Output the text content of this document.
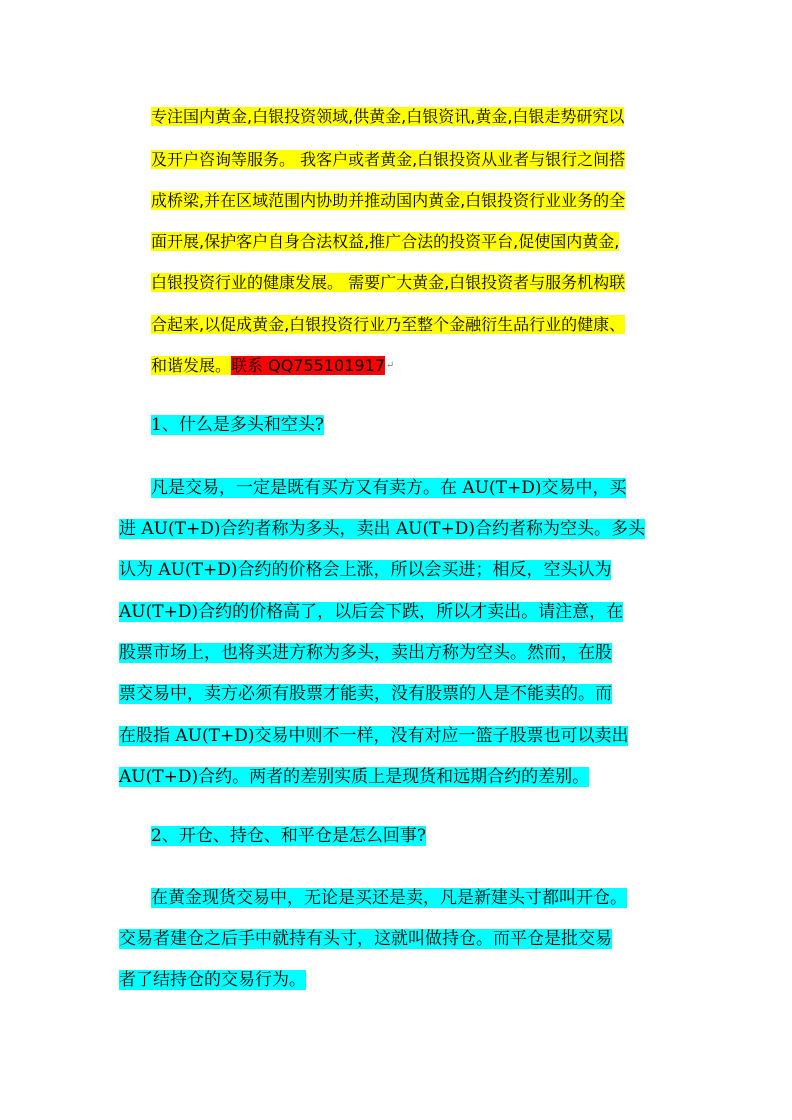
专注国内黄金,白银投资领域,供黄金,白银资讯,黄金,白银走势研究以
及开户咨询等服务。 我客户或者黄金,白银投资从业者与银行之间搭
成桥梁,并在区域范围内协助并推动国内黄金,白银投资行业业务的全
面开展,保护客户自身合法权益,推广合法的投资平台,促使国内黄金,
白银投资行业的健康发展。 需要广大黄金,白银投资者与服务机构联
合起来,以促成黄金,白银投资行业乃至整个金融衍生品行业的健康、
和谐发展。联系 QQ755101917↵
1、什么是多头和空头?
凡是交易，一定是既有买方又有卖方。在 AU(T+D)交易中，买
进 AU(T+D)合约者称为多头，卖出 AU(T+D)合约者称为空头。多头
认为 AU(T+D)合约的价格会上涨，所以会买进；相反，空头认为
AU(T+D)合约的价格高了，以后会下跌，所以才卖出。请注意，在
股票市场上，也将买进方称为多头，卖出方称为空头。然而，在股
票交易中，卖方必须有股票才能卖，没有股票的人是不能卖的。而
在股指 AU(T+D)交易中则不一样，没有对应一篮子股票也可以卖出
AU(T+D)合约。两者的差别实质上是现货和远期合约的差别。
2、开仓、持仓、和平仓是怎么回事?
在黄金现货交易中，无论是买还是卖，凡是新建头寸都叫开仓。
交易者建仓之后手中就持有头寸，这就叫做持仓。而平仓是批交易
者了结持仓的交易行为。
